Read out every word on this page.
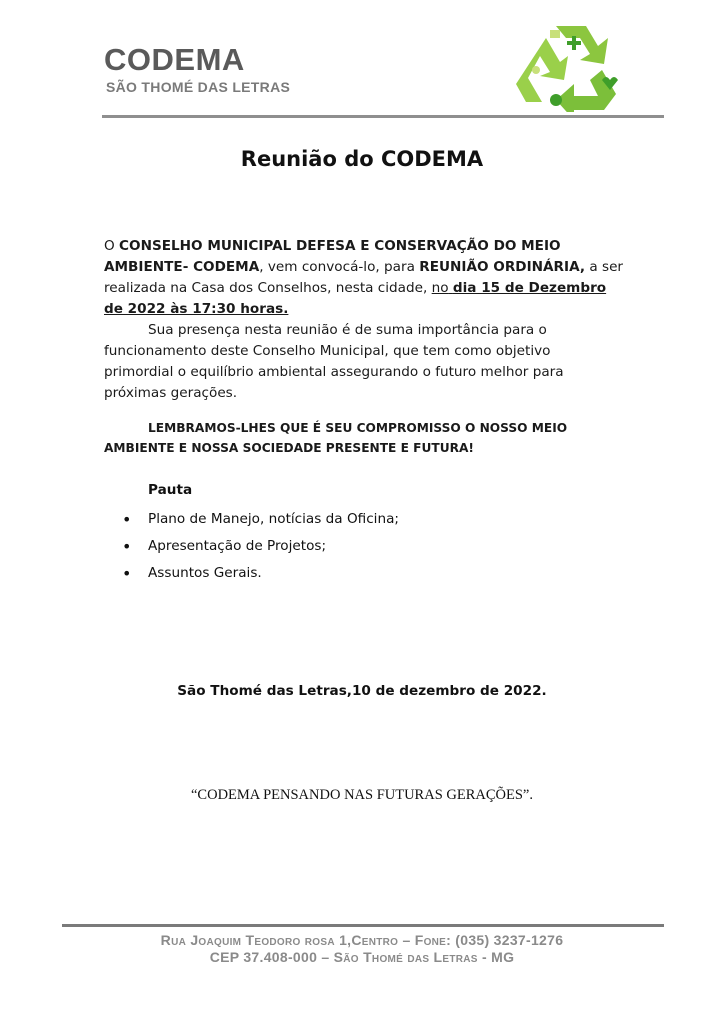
CODEMA
SÃO THOMÉ DAS LETRAS
Reunião do CODEMA
O CONSELHO MUNICIPAL DEFESA E CONSERVAÇÃO DO MEIO AMBIENTE- CODEMA, vem convocá-lo, para REUNIÃO ORDINÁRIA, a ser realizada na Casa dos Conselhos, nesta cidade, no dia 15 de Dezembro de 2022 às 17:30 horas.
Sua presença nesta reunião é de suma importância para o funcionamento deste Conselho Municipal, que tem como objetivo primordial o equilíbrio ambiental assegurando o futuro melhor para próximas gerações.
LEMBRAMOS-LHES QUE É SEU COMPROMISSO O NOSSO MEIO AMBIENTE E NOSSA SOCIEDADE PRESENTE E FUTURA!
Pauta
•	Plano de Manejo, notícias da Oficina;
•	Apresentação de Projetos;
•	Assuntos Gerais.
São Thomé das Letras,10 de dezembro de 2022.
“CODEMA PENSANDO NAS FUTURAS GERAÇÕES”.
Rua Joaquim Teodoro rosa 1,Centro – Fone: (035) 3237-1276
CEP 37.408-000 – São Thomé das Letras - MG
